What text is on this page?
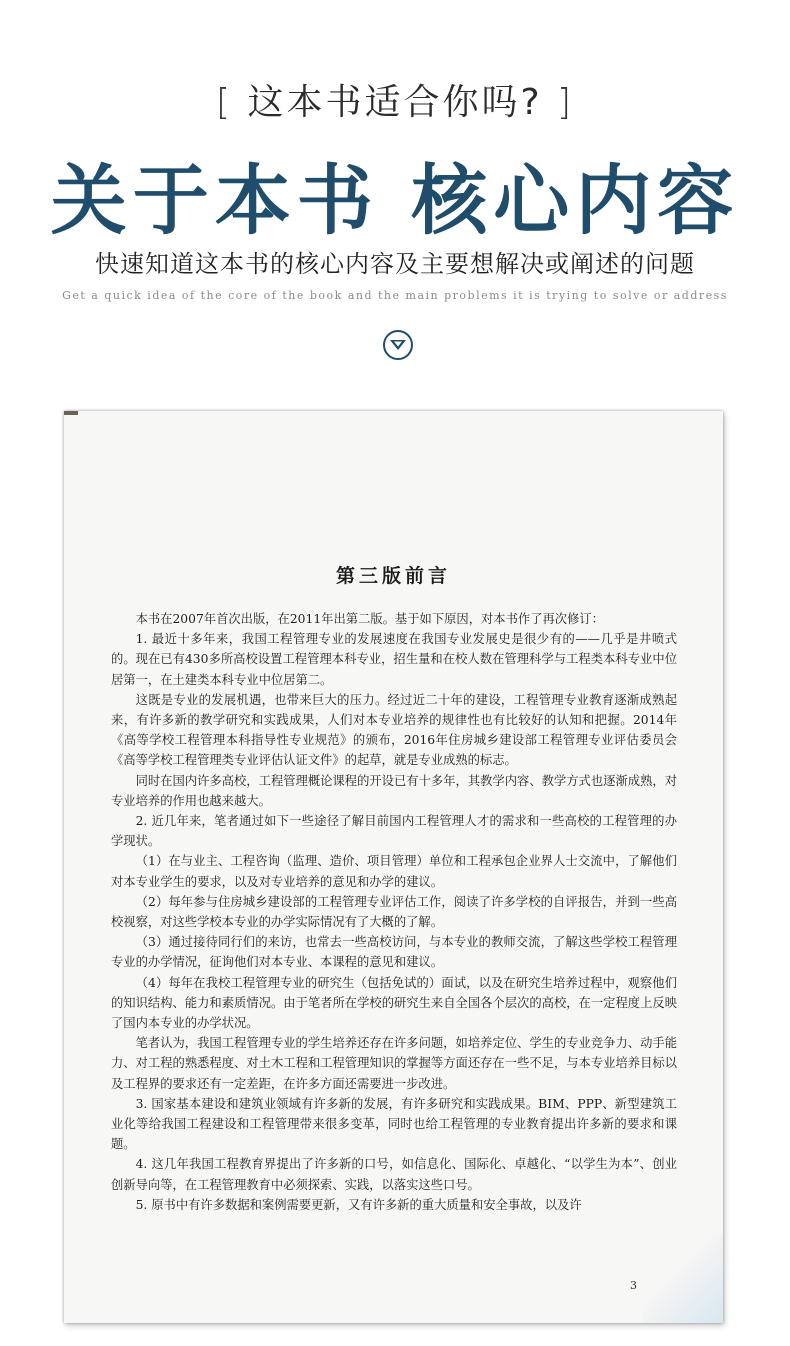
[ 这本书适合你吗? ]
关于本书 核心内容
快速知道这本书的核心内容及主要想解决或阐述的问题
Get a quick idea of the core of the book and the main problems it is trying to solve or address
第三版前言

本书在2007年首次出版，在2011年出第二版。基于如下原因，对本书作了再次修订：

1. 最近十多年来，我国工程管理专业的发展速度在我国专业发展史是很少有的——几乎是井喷式的。现在已有430多所高校设置工程管理本科专业，招生量和在校人数在管理科学与工程类本科专业中位居第一，在土建类本科专业中位居第二。

这既是专业的发展机遇，也带来巨大的压力。经过近二十年的建设，工程管理专业教育逐渐成熟起来，有许多新的教学研究和实践成果，人们对本专业培养的规律性也有比较好的认知和把握。2014年《高等学校工程管理本科指导性专业规范》的颁布，2016年住房城乡建设部工程管理专业评估委员会《高等学校工程管理类专业评估认证文件》的起草，就是专业成熟的标志。

同时在国内许多高校，工程管理概论课程的开设已有十多年，其教学内容、教学方式也逐渐成熟，对专业培养的作用也越来越大。

2. 近几年来，笔者通过如下一些途径了解目前国内工程管理人才的需求和一些高校的工程管理的办学现状。

（1）在与业主、工程咨询（监理、造价、项目管理）单位和工程承包企业界人士交流中，了解他们对本专业学生的要求，以及对专业培养的意见和办学的建议。

（2）每年参与住房城乡建设部的工程管理专业评估工作，阅读了许多学校的自评报告，并到一些高校视察，对这些学校本专业的办学实际情况有了大概的了解。

（3）通过接待同行们的来访，也常去一些高校访问，与本专业的教师交流，了解这些学校工程管理专业的办学情况，征询他们对本专业、本课程的意见和建议。

（4）每年在我校工程管理专业的研究生（包括免试的）面试，以及在研究生培养过程中，观察他们的知识结构、能力和素质情况。由于笔者所在学校的研究生来自全国各个层次的高校，在一定程度上反映了国内本专业的办学状况。

笔者认为，我国工程管理专业的学生培养还存在许多问题，如培养定位、学生的专业竞争力、动手能力、对工程的熟悉程度、对土木工程和工程管理知识的掌握等方面还存在一些不足，与本专业培养目标以及工程界的要求还有一定差距，在许多方面还需要进一步改进。

3. 国家基本建设和建筑业领域有许多新的发展，有许多研究和实践成果。BIM、PPP、新型建筑工业化等给我国工程建设和工程管理带来很多变革，同时也给工程管理的专业教育提出许多新的要求和课题。

4. 这几年我国工程教育界提出了许多新的口号，如信息化、国际化、卓越化、“以学生为本”、创业创新导向等，在工程管理教育中必须探索、实践，以落实这些口号。

5. 原书中有许多数据和案例需要更新，又有许多新的重大质量和安全事故，以及许

3
